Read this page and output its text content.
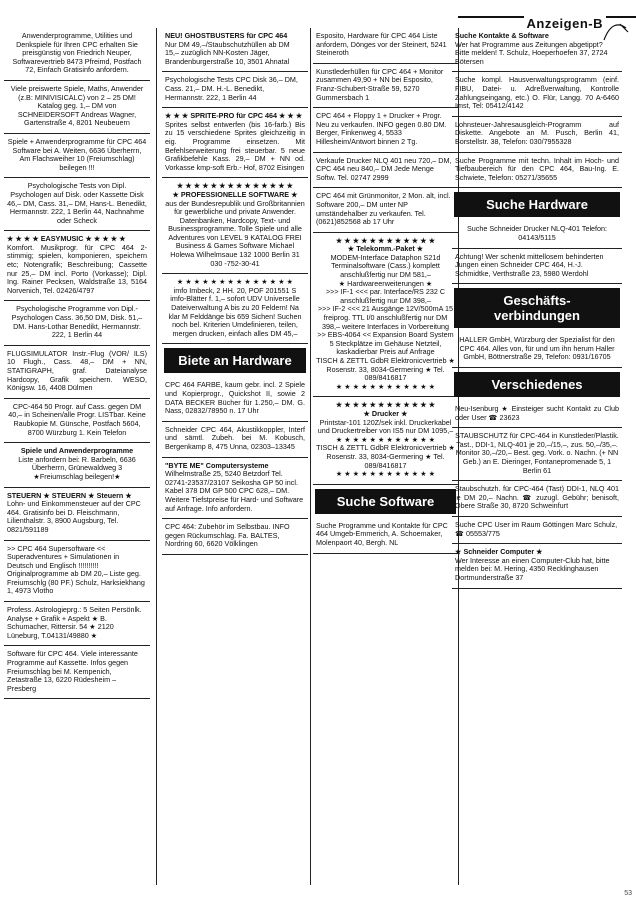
Anzeigen-B
Anwenderprogramme, Utilities und Denkspiele für Ihren CPC erhalten Sie preisgünstig von Friedrich Neuper, Softwarevertrieb 8473 Pfreimd, Postfach 72, Einfach Gratisinfo anfordern.
Viele preiswerte Spiele, Maths, Anwender (z.B: MINIVISICALC) von 2 – 25 DM! Katalog geg. 1,– DM von SCHNEIDERSOFT Andreas Wagner, Gartenstraße 4, 8201 Neubeuern
Spiele + Anwenderprogramme für CPC 464 Software bei A. Weiten, 6636 Überherrn, Am Flachsweiher 10 (Freiumschlag) beilegen !!!
Psychologische Tests von Dipl. Psychologen auf Disk. oder Kassette Disk 46,– DM, Cass. 31,– DM, Hans-L. Benedikt, Hermannstr. 222, 1 Berlin 44, Nachnahme oder Scheck
★ ★ ★ ★ EASYMUSIC ★ ★ ★ ★ ★
Komfort. Musikprogr. für CPC 464 2-stimmig; spielen, komponieren, speichern etc; Notengrafik; Beschreibung; Cassette nur 25,– DM incl. Porto (Vorkasse); Dipl. Ing. Rainer Pecksen, Waldstraße 13, 5164 Norvenich, Tel. 02426/4797
Psychologische Programme von Dipl.- Psychologen Cass. 36,50 DM, Disk. 51,– DM. Hans-Lothar Benedikt, Hermannstr. 222, 1 Berlin 44
FLUGSIMULATOR Instr.-Flug (VOR/ ILS) 10 Flugh., Cass. 48,– DM + NN, STATIGRAPH, graf. Dateianalyse Hardcopy, Grafik speichern. WESO, Königsw. 16, 4408 Dülmen
CPC-464 50 Progr. auf Cass. gegen DM 40,– in Scheinen/alle Progr. LISTbar. Keine Raubkopie M. Günsche, Postfach 5604, 8700 Würzburg 1. Kein Telefon
Spiele und Anwenderprogramme
Liste anfordern bei: R. Barbeln, 6636 Überherrn, Grünewaldweg 3 ★Freiumschlag beilegen!★
STEUERN ★ STEUERN ★ Steuern ★
Lohn- und Einkommensteuer auf der CPC 464. Gratisinfo bei D. Fleischmann, Lilienthalstr. 3, 8900 Augsburg, Tel. 0821/591189
>> CPC 464 Supersoftware << Superadventures + Simulationen in Deutsch und Englisch !!!!!!!!!! Originalprogramme ab DM 20,– Liste geg. Freiumschlg (80 PF.) Schulz, Harksiekhang 1, 4973 Vlotho
Profess. Astrologieprg.: 5 Seiten Persönlk. Analyse + Grafik + Aspekt ★ B. Schumacher, Rittersir. 54 ★ 2120 Lüneburg, T.04131/49880 ★
Software für CPC 464. Viele interessante Programme auf Kassette. Infos gegen Freiumschlag bei M. Kempenich, Zetastraße 13, 6220 Rüdesheim – Presberg
NEU! GHOSTBUSTERS für CPC 464
Nur DM 49,–/Staubschutzhüllen ab DM 15,– zuzüglich NN-Kosten Jäger, Brandenburgerstraße 10, 3501 Ahnatal
Psychologische Tests CPC Disk 36,– DM, Cass. 21,– DM. H.-L. Benedikt, Hermannstr. 222, 1 Berlin 44
★ ★ ★ SPRITE-PRO für CPC 464 ★ ★ ★
Sprites selbst entwerfen (bis 16-farb.) Bis zu 15 verschiedene Sprites gleichzeitig in eig. Programme einsetzen. Mit Befehlserweiterung frei steuerbar. 5 neue Grafikbefehle Kass. 29,– DM + NN od. Vorkasse kmp-soft Erb.- Hof, 8702 Eisingen
★ ★ ★ ★ ★ ★ ★ ★ ★ ★ ★ ★ ★ ★
★ PROFESSIONELLE SOFTWARE ★
aus der Bundesrepublik und Großbritannien für gewerbliche und private Anwender. Datenbanken, Hardcopy, Text- und Businessprogramme. Tolle Spiele und alle Adventures von LEVEL 9 KATALOG FREI Business & Games Software Michael Holewa Wilhelmsaue 132 1000 Berlin 31 030 -752-30-41
★ ★ ★ ★ ★ ★ ★ ★ ★ ★ ★ ★ ★ ★
imfo Imbeck, 2 HH. 20, POF 201551 S imfo-Blätter f. 1,– sofort UDV Universelle Dateiverwaltung A bis zu 20 Feldern! Na klar M Felddänge bis 659 Sichen! Suchen noch bel. Kriterien Umdefinieren, teilen, mergen drucken, einfach alles DM 45,–
Biete an Hardware
CPC 464 FARBE, kaum gebr. incl. 2 Spiele und Kopierprogr., Quickshot II, sowie 2 DATA BECKER Bücher für 1.250,– DM. G. Nass, 02832/78950 n. 17 Uhr
Schneider CPC 464, Akustikkoppler, Interf und sämtl. Zubeh. bei M. Kobusch, Bergenkamp 8, 475 Unna, 02303–13345
"BYTE ME" Computersysteme
Wilhelmstraße 25, 5240 Betzdorf Tel. 02741-23537/23107 Seikosha GP 50 incl. Kabel 378 DM GP 500 CPC 628,– DM. Weitere Tiefstpreise für Hard- und Software auf Anfrage. Info anfordern.
CPC 464: Zubehör im Selbstbau. INFO gegen Rückumschlag. Fa. BALTES, Nordring 60, 6620 Völklingen
Esposito, Hardware für CPC 464 Liste anfordern, Dönges vor der Steinert, 5241 Steineroth
Kunstlederhüllen für CPC 464 + Monitor zusammen 49,90 + NN bei Esposito, Franz-Schubert-Straße 59, 5270 Gummersbach 1
CPC 464 + Floppy 1 + Drucker + Progr. Neu zu verkaufen. INFO gegen 0.80 DM. Berger, Finkenweg 4, 5533 Hillesheim/Antwort binnen 2 Tg.
Verkaufe Drucker NLQ 401 neu 720,– DM, CPC 464 neu 840,– DM Jede Menge Softw. Tel. 02747 2999
CPC 464 mit Grünmonitor, 2 Mon. alt, incl. Software 200,– DM unter NP umständehalber zu verkaufen. Tel. (0621)852568 ab 17 Uhr
★ ★ ★ ★ ★ ★ ★ ★ ★ ★ ★ ★
★ Telekomm.-Paket ★
MODEM-Interface Dataphon S21d Terminalsoftware (Cass.) komplett anschlußfertig nur DM 581,–
★ Hardwareerweiterungen ★
>>> IF-1 <<< par. Interface/RS 232 C anschlußfertig nur DM 398,–
>>> IF-2 <<< 21 Ausgänge 12V/500mA 15 freiprog. TTL I/0 anschlußfertig nur DM 398,– weitere Interfaces in Vorbereitung
>> EBS-4064 << Expansion Board System 5 Steckplätze im Gehäuse Netzteil, kaskadierbar Preis auf Anfrage
TISCH & ZETTL GdbR Elektronicvertrieb ★ Rosenstr. 33, 8034-Germering ★ Tel. 089/8416817
★ ★ ★ ★ ★ ★ ★ ★ ★ ★ ★ ★
★ ★ ★ ★ ★ ★ ★ ★ ★ ★ ★ ★
★ Drucker ★
Printstar-101 120Z/sek inkl. Druckerkabel und Druckertreiber von IS5 nur DM 1095,–
★ ★ ★ ★ ★ ★ ★ ★ ★ ★ ★ ★
TISCH & ZETTL GdbR Elektronicvertrieb ★ Rosenstr. 33, 8034-Germering ★ Tel. 089/8416817
★ ★ ★ ★ ★ ★ ★ ★ ★ ★ ★ ★
Suche Software
Suche Programme und Kontakte für CPC 464 Umgeb-Emmerich, A. Schoemaker, Molenpaort 40, Bergh. NL
Suche Kontakte & Software
Wer hat Programme aus Zeitungen abgetippt? Bitte melden! T. Schulz, Hoeperhoefen 37, 2724 Bötersen
Suche kompl. Hausverwaltungsprogramm (einf. FIBU, Datei- u. Adreßverwaltung, Kontrolle Zahlungseingang, etc.) O. Flür, Langg. 70 A-6460 Imst, Tel: 05412/4142
Lohnsteuer-Jahresausgleich-Programm auf Diskette. Angebote an M. Pusch, Berlin 41, Borstellstr. 38, Telefon: 030/7955328
Suche Programme mit techn. Inhalt im Hoch- und Tiefbaubereich für den CPC 464, Bau-Ing. E. Schwiete, Telefon: 05271/35655
Suche Hardware
Suche Schneider Drucker NLQ-401 Telefon: 04143/5115
Achtung! Wer schenkt mittellosem behinderten Jungen einen Schneider CPC 464, H.-J. Schmidtke, Verthstraße 23, 5980 Werdohl
Geschäfts-
verbindungen
HALLER GmbH, Würzburg der Spezialist für den CPC 464. Alles von, für und um ihn herum Haller GmbH, Böttnerstraße 29, Telefon: 0931/16705
Verschiedenes
Neu-Isenburg ★ Einsteiger sucht Kontakt zu Club oder User ☎ 23623
STAUBSCHUTZ für CPC-464 in Kunstleder/Plastik. Tast., DDI-1, NLQ-401 je 20,–/15,–, zus. 50,–/35,–. Monitor 30,–/20,– Best. geg. Vork. o. Nachn. (+ NN Geb.) an E. Dieringer, Fontanepromenade 5, 1 Berlin 61
Staubschutzh. für CPC-464 (Tast) DDI-1, NLQ 401 je DM 20,– Nachn. ☎ zuzugl. Gebühr; benisoft, Obere Straße 30, 8720 Schweinfurt
Suche CPC User im Raum Göttingen Marc Schulz, ☎ 05553/775
★ Schneider Computer ★
Wer Interesse an einen Computer-Club hat, bitte melden bei: M. Hering, 4350 Recklinghausen Dortmunderstraße 37
53
